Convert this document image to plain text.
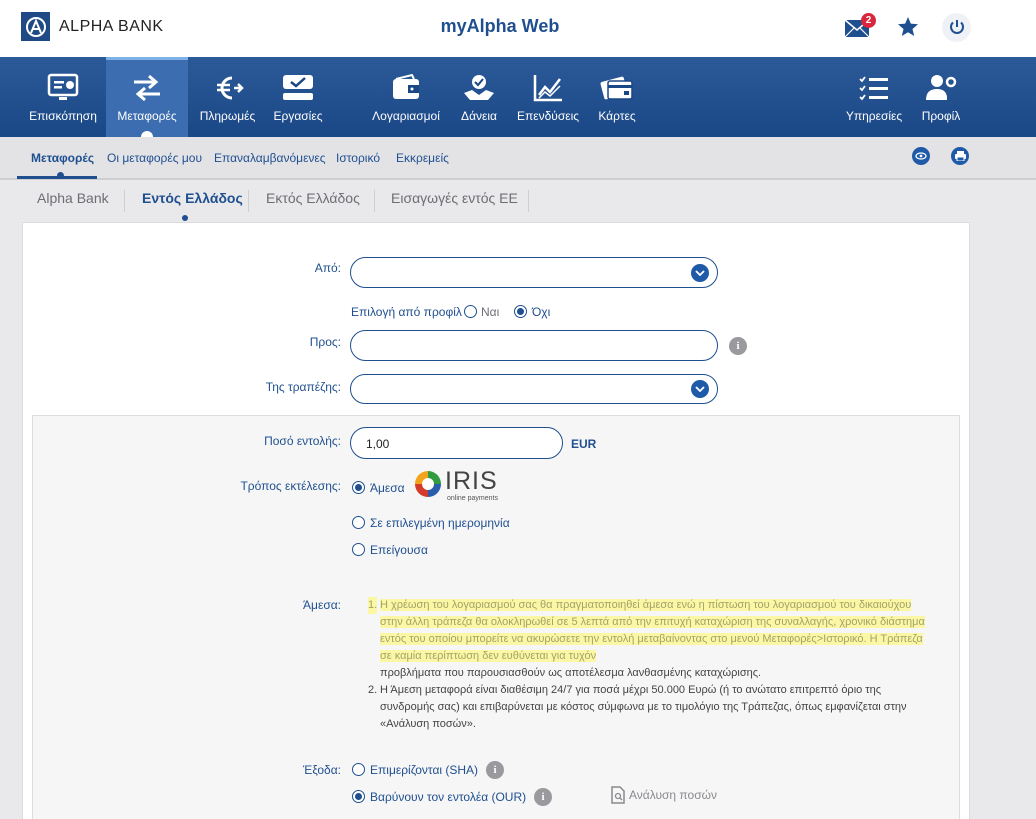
ALPHA BANK	myAlpha Web	2
Επισκόπηση Μεταφορές Πληρωμές Εργασίες	Λογαριασμοί Δάνεια Επενδύσεις Κάρτες	Υπηρεσίες Προφίλ
Μεταφορές Οι μεταφορές μου Επαναλαμβανόμενες Ιστορικό Εκκρεμείς
Alpha Bank Εντός Ελλάδος Εκτός Ελλάδος Εισαγωγές εντός ΕΕ
Από:
Επιλογή από προφίλ Ναι	Όχι
Προς:	i
Της τραπέζης:
Ποσό εντολής: 1,00	EUR
Τρόπος εκτέλεσης: Άμεσα IRIS
online payments
Σε επιλεγμένη ημερομηνία
Επείγουσα
Άμεσα: 1. Η χρέωση του λογαριασμού σας θα πραγματοποιηθεί άμεσα ενώ η πίστωση του λογαριασμού του δικαιούχου στην άλλη τράπεζα θα ολοκληρωθεί σε 5 λεπτά από την επιτυχή καταχώριση της συναλλαγής, χρονικό διάστημα εντός του οποίου μπορείτε να ακυρώσετε την εντολή μεταβαίνοντας στο μενού Μεταφορές>Ιστορικό. Η Τράπεζα σε καμία περίπτωση δεν ευθύνεται για τυχόν
προβλήματα που παρουσιασθούν ως αποτέλεσμα λανθασμένης καταχώρισης.
2. Η Άμεση μεταφορά είναι διαθέσιμη 24/7 για ποσά μέχρι 50.000 Ευρώ (ή το ανώτατο επιτρεπτό όριο της συνδρομής σας) και επιβαρύνεται με κόστος σύμφωνα με το τιμολόγιο της Τράπεζας, όπως εμφανίζεται στην «Ανάλυση ποσών».
Έξοδα: Επιμερίζονται (SHA)	i
Βαρύνουν τον εντολέα (OUR)	i	Ανάλυση ποσών
